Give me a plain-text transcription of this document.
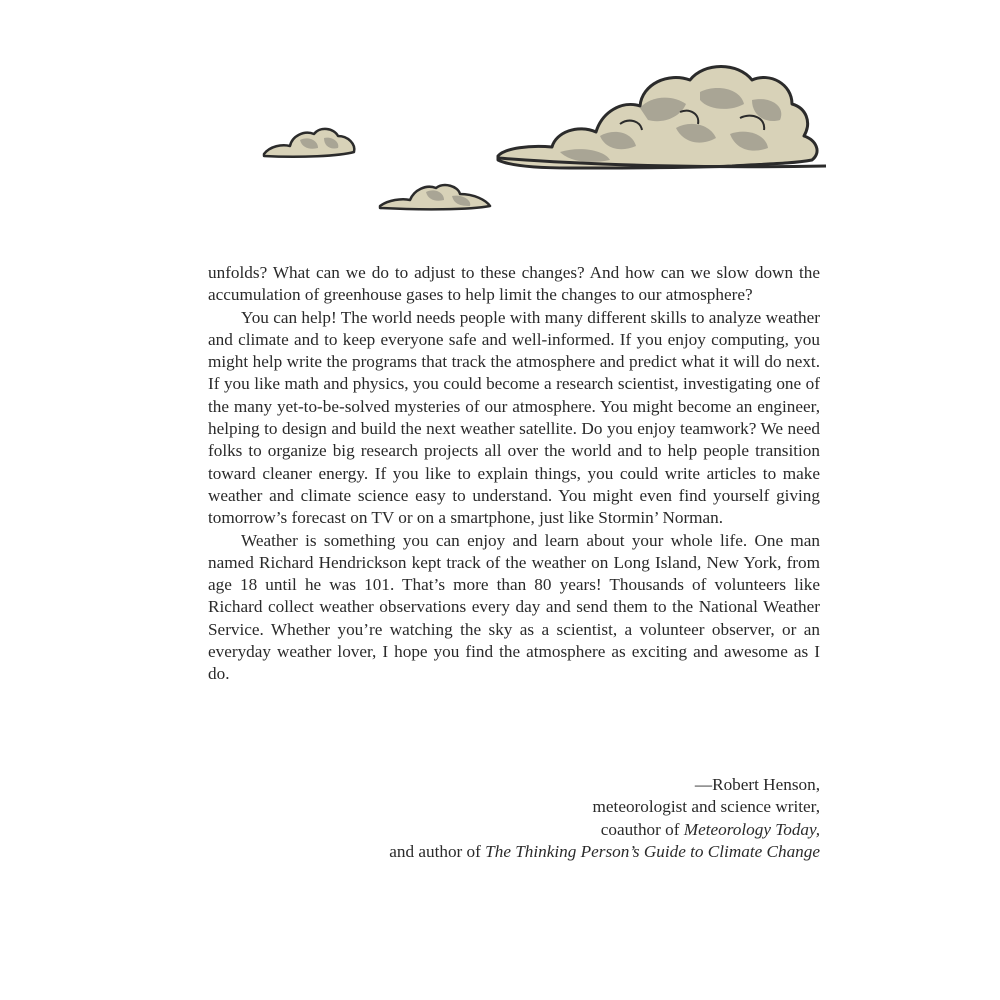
unfolds? What can we do to adjust to these changes? And how can we slow down the accumulation of greenhouse gases to help limit the changes to our atmosphere?

You can help! The world needs people with many different skills to analyze weather and climate and to keep everyone safe and well-informed. If you enjoy computing, you might help write the programs that track the atmosphere and predict what it will do next. If you like math and physics, you could become a research scientist, investigating one of the many yet-to-be-solved mysteries of our atmosphere. You might become an engineer, helping to design and build the next weather satellite. Do you enjoy teamwork? We need folks to organize big research projects all over the world and to help people transition toward cleaner energy. If you like to explain things, you could write articles to make weather and climate science easy to understand. You might even find yourself giving tomorrow’s forecast on TV or on a smartphone, just like Stormin’ Norman.

Weather is something you can enjoy and learn about your whole life. One man named Richard Hendrickson kept track of the weather on Long Island, New York, from age 18 until he was 101. That’s more than 80 years! Thousands of volunteers like Richard collect weather observations every day and send them to the National Weather Service. Whether you’re watching the sky as a scientist, a volunteer observer, or an everyday weather lover, I hope you find the atmosphere as exciting and awesome as I do.

—Robert Henson,
meteorologist and science writer,
coauthor of Meteorology Today,
and author of The Thinking Person’s Guide to Climate Change
